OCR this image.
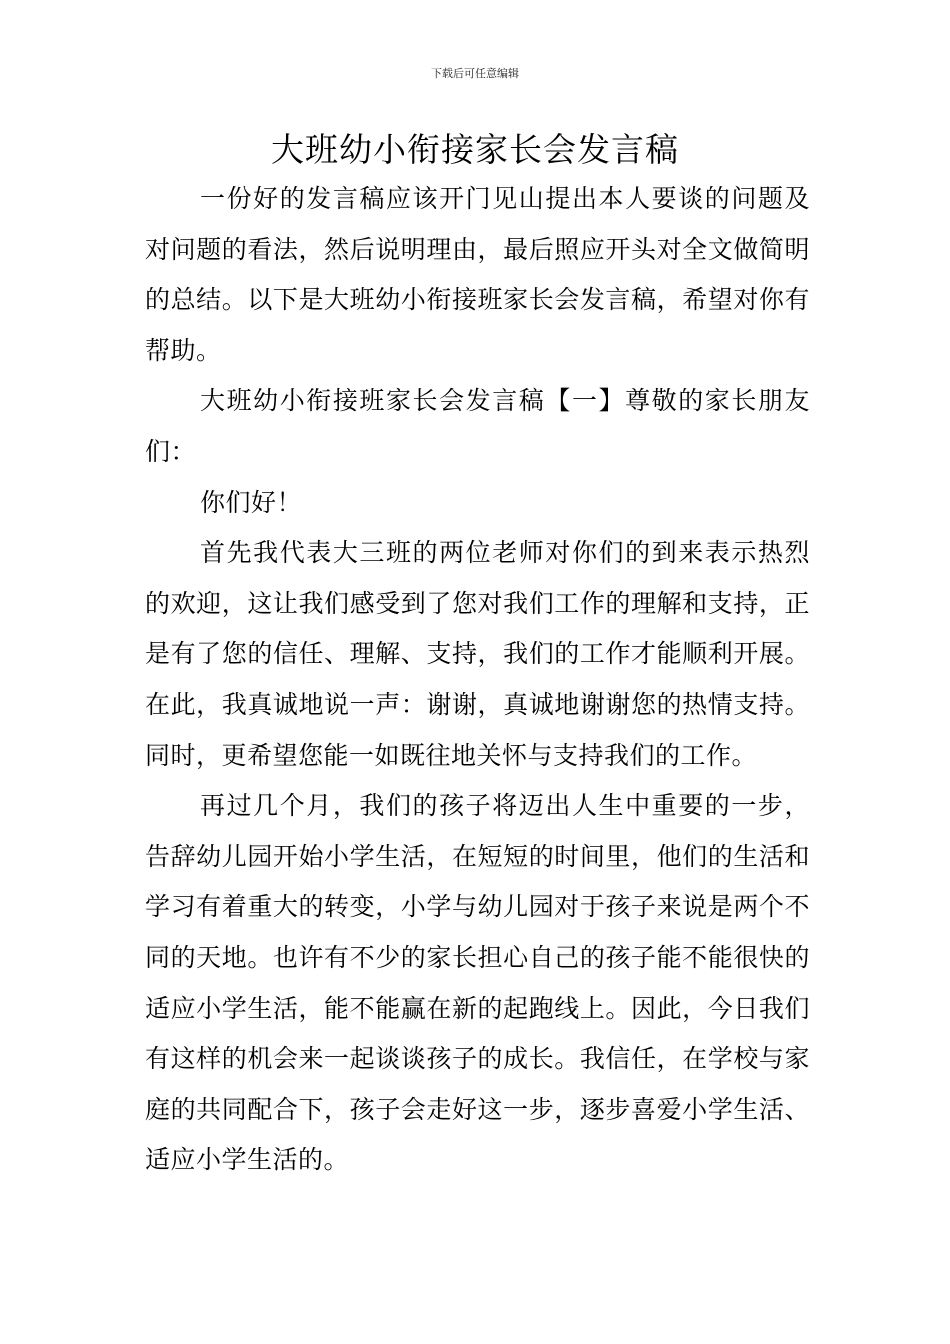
下载后可任意编辑
大班幼小衔接家长会发言稿

一份好的发言稿应该开门见山提出本人要谈的问题及对问题的看法，然后说明理由，最后照应开头对全文做简明的总结。以下是大班幼小衔接班家长会发言稿，希望对你有帮助。

大班幼小衔接班家长会发言稿【一】尊敬的家长朋友们：

你们好！

首先我代表大三班的两位老师对你们的到来表示热烈的欢迎，这让我们感受到了您对我们工作的理解和支持，正是有了您的信任、理解、支持，我们的工作才能顺利开展。在此，我真诚地说一声：谢谢，真诚地谢谢您的热情支持。同时，更希望您能一如既往地关怀与支持我们的工作。

再过几个月，我们的孩子将迈出人生中重要的一步，告辞幼儿园开始小学生活，在短短的时间里，他们的生活和学习有着重大的转变，小学与幼儿园对于孩子来说是两个不同的天地。也许有不少的家长担心自己的孩子能不能很快的适应小学生活，能不能赢在新的起跑线上。因此，今日我们有这样的机会来一起谈谈孩子的成长。我信任，在学校与家庭的共同配合下，孩子会走好这一步，逐步喜爱小学生活、适应小学生活的。
